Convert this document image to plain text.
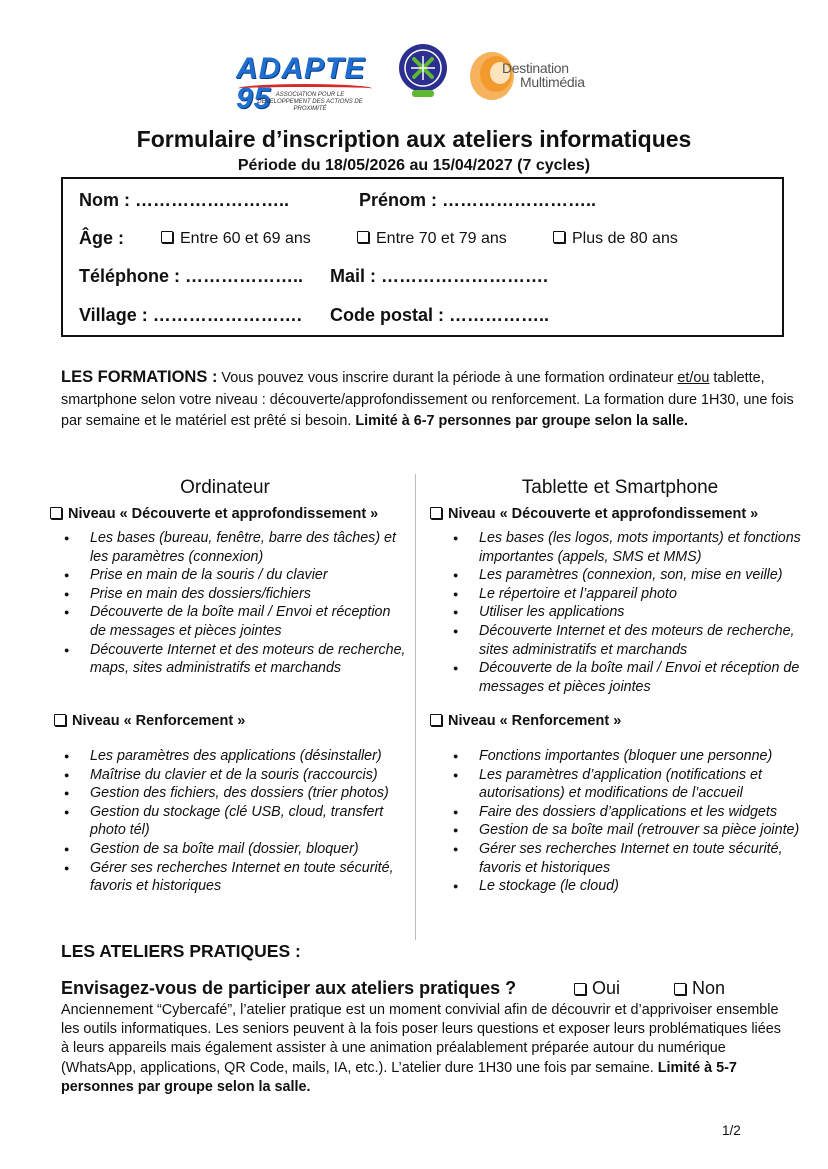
ADAPTE 95 ASSOCIATION POUR LE DÉVELOPPEMENT DES ACTIONS DE PROXIMITÉ
Destination
Multimédia
Formulaire d’inscription aux ateliers informatiques
Période du 18/05/2026 au 15/04/2027 (7 cycles)
Nom : ……………………..	Prénom : ……………………..
Âge :	Entre 60 et 69 ans	Entre 70 et 79 ans	Plus de 80 ans
Téléphone : ……………….. Mail : ……………………….
Village : ……………………. Code postal : ……………..
LES FORMATIONS : Vous pouvez vous inscrire durant la période à une formation ordinateur et/ou tablette, smartphone selon votre niveau : découverte/approfondissement ou renforcement. La formation dure 1H30, une fois par semaine et le matériel est prêté si besoin. Limité à 6-7 personnes par groupe selon la salle.
Ordinateur
Niveau « Découverte et approfondissement »
● Les bases (bureau, fenêtre, barre des tâches) et les paramètres (connexion)
● Prise en main de la souris / du clavier
● Prise en main des dossiers/fichiers
● Découverte de la boîte mail / Envoi et réception de messages et pièces jointes
● Découverte Internet et des moteurs de recherche, maps, sites administratifs et marchands
Niveau « Renforcement »
● Les paramètres des applications (désinstaller)
● Maîtrise du clavier et de la souris (raccourcis)
● Gestion des fichiers, des dossiers (trier photos)
● Gestion du stockage (clé USB, cloud, transfert photo tél)
● Gestion de sa boîte mail (dossier, bloquer)
● Gérer ses recherches Internet en toute sécurité, favoris et historiques
Tablette et Smartphone
Niveau « Découverte et approfondissement »
● Les bases (les logos, mots importants) et fonctions importantes (appels, SMS et MMS)
● Les paramètres (connexion, son, mise en veille)
● Le répertoire et l’appareil photo
● Utiliser les applications
● Découverte Internet et des moteurs de recherche, sites administratifs et marchands
● Découverte de la boîte mail / Envoi et réception de messages et pièces jointes
Niveau « Renforcement »
● Fonctions importantes (bloquer une personne)
● Les paramètres d’application (notifications et autorisations) et modifications de l’accueil
● Faire des dossiers d’applications et les widgets
● Gestion de sa boîte mail (retrouver sa pièce jointe)
● Gérer ses recherches Internet en toute sécurité, favoris et historiques
● Le stockage (le cloud)
LES ATELIERS PRATIQUES :
Envisagez-vous de participer aux ateliers pratiques ?	Oui	Non
Anciennement “Cybercafé”, l’atelier pratique est un moment convivial afin de découvrir et d’apprivoiser ensemble les outils informatiques. Les seniors peuvent à la fois poser leurs questions et exposer leurs problématiques liées à leurs appareils mais également assister à une animation préalablement préparée autour du numérique (WhatsApp, applications, QR Code, mails, IA, etc.). L’atelier dure 1H30 une fois par semaine. Limité à 5-7 personnes par groupe selon la salle.
1/2
